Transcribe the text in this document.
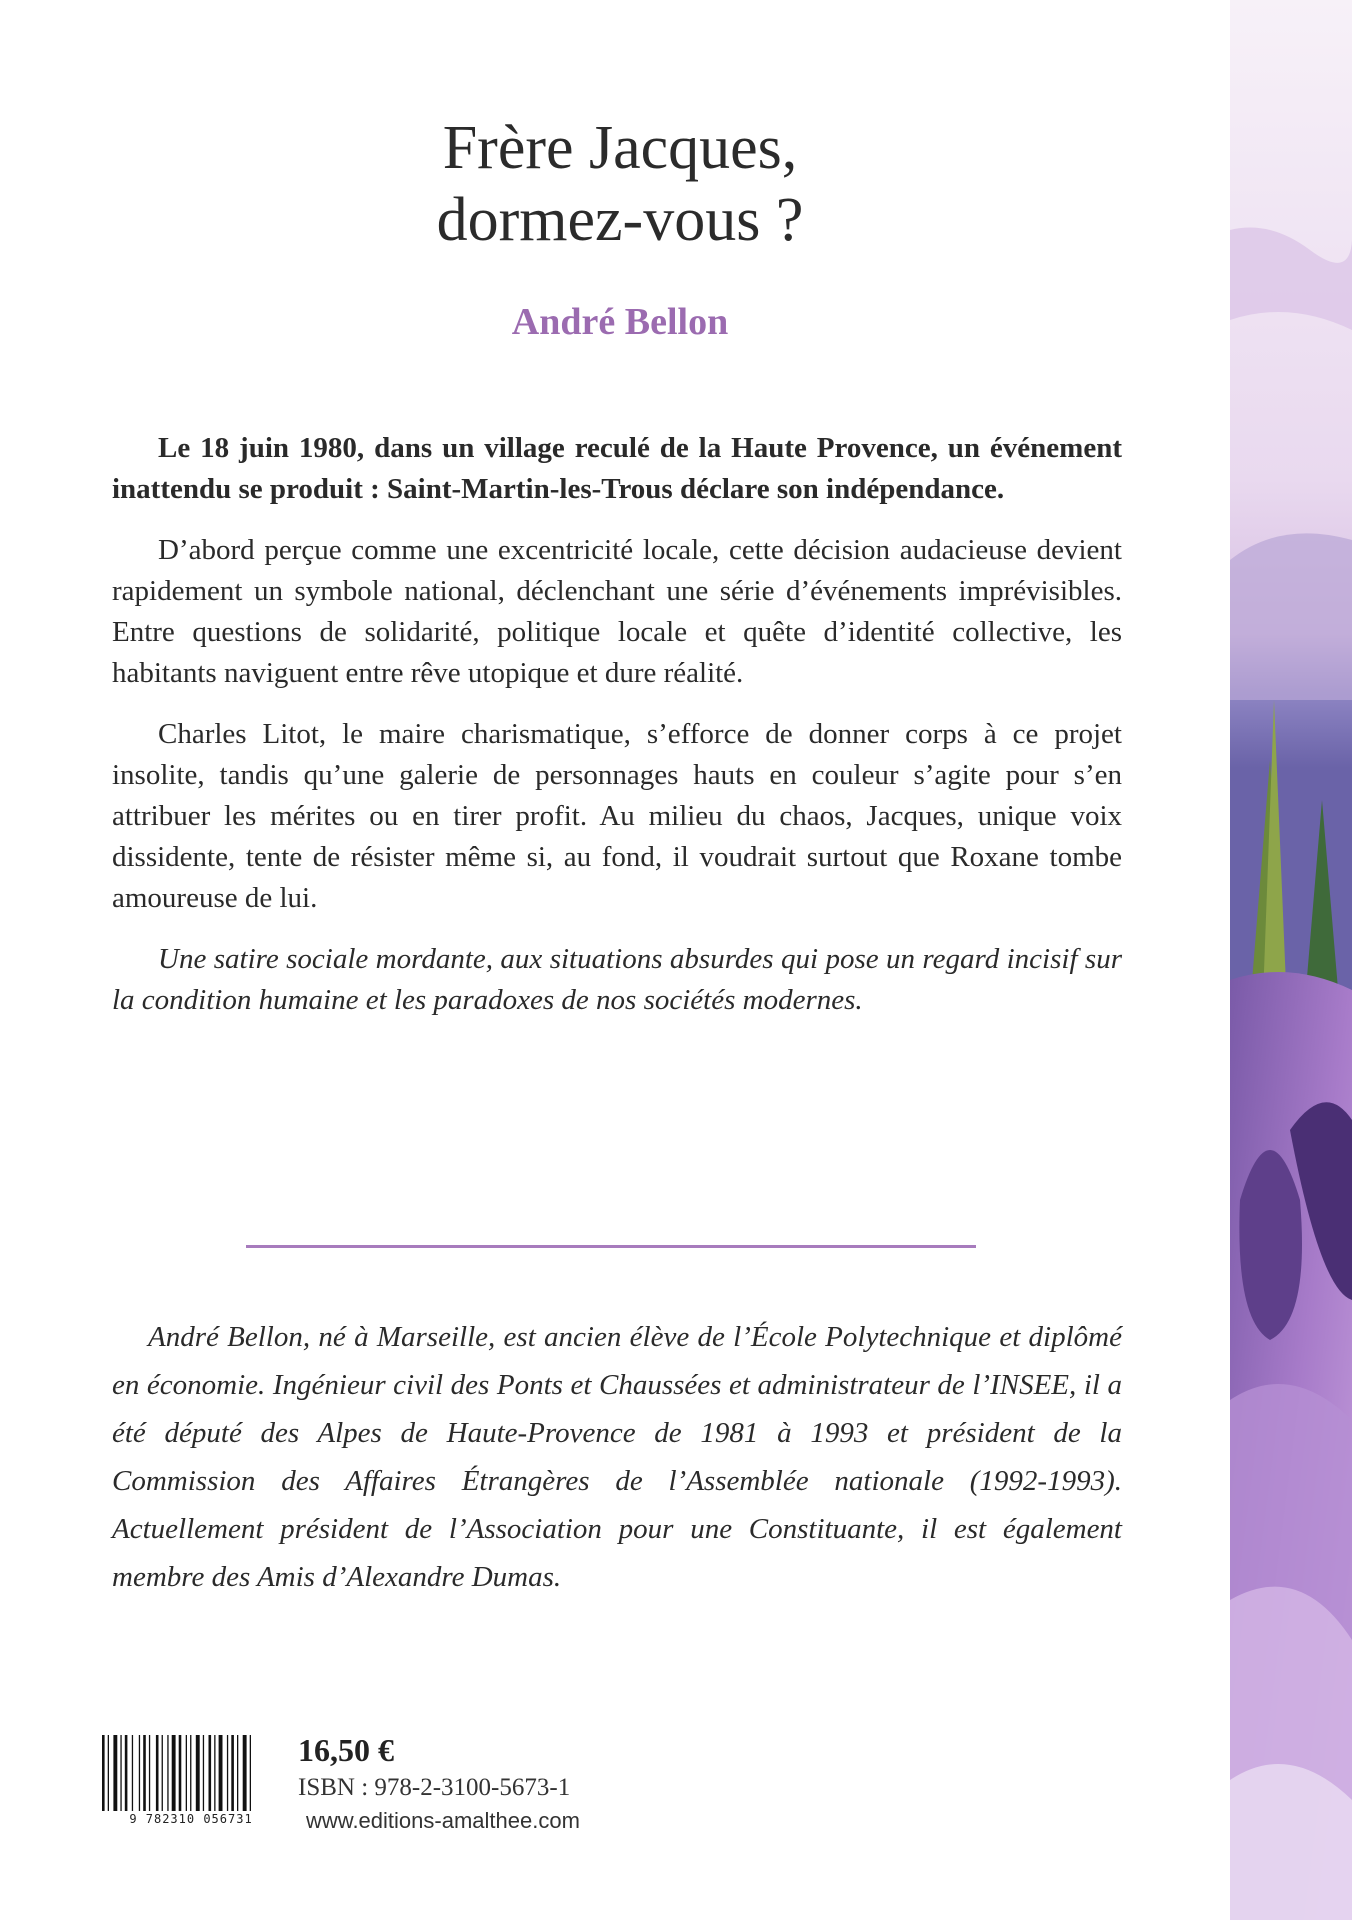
Frère Jacques,
dormez-vous ?
André Bellon

Le 18 juin 1980, dans un village reculé de la Haute Provence, un événement inattendu se produit : Saint-Martin-les-Trous déclare son indépendance.

D’abord perçue comme une excentricité locale, cette décision audacieuse devient rapidement un symbole national, déclenchant une série d’événements imprévisibles. Entre questions de solidarité, politique locale et quête d’identité collective, les habitants naviguent entre rêve utopique et dure réalité.

Charles Litot, le maire charismatique, s’efforce de donner corps à ce projet insolite, tandis qu’une galerie de personnages hauts en couleur s’agite pour s’en attribuer les mérites ou en tirer profit. Au milieu du chaos, Jacques, unique voix dissidente, tente de résister même si, au fond, il voudrait surtout que Roxane tombe amoureuse de lui.

Une satire sociale mordante, aux situations absurdes qui pose un regard incisif sur la condition humaine et les paradoxes de nos sociétés modernes.

André Bellon, né à Marseille, est ancien élève de l’École Polytechnique et diplômé en économie. Ingénieur civil des Ponts et Chaussées et administrateur de l’INSEE, il a été député des Alpes de Haute-Provence de 1981 à 1993 et président de la Commission des Affaires Étrangères de l’Assemblée nationale (1992-1993). Actuellement président de l’Association pour une Constituante, il est également membre des Amis d’Alexandre Dumas.

9 782310 056731

16,50 €

ISBN : 978-2-3100-5673-1

www.editions-amalthee.com
